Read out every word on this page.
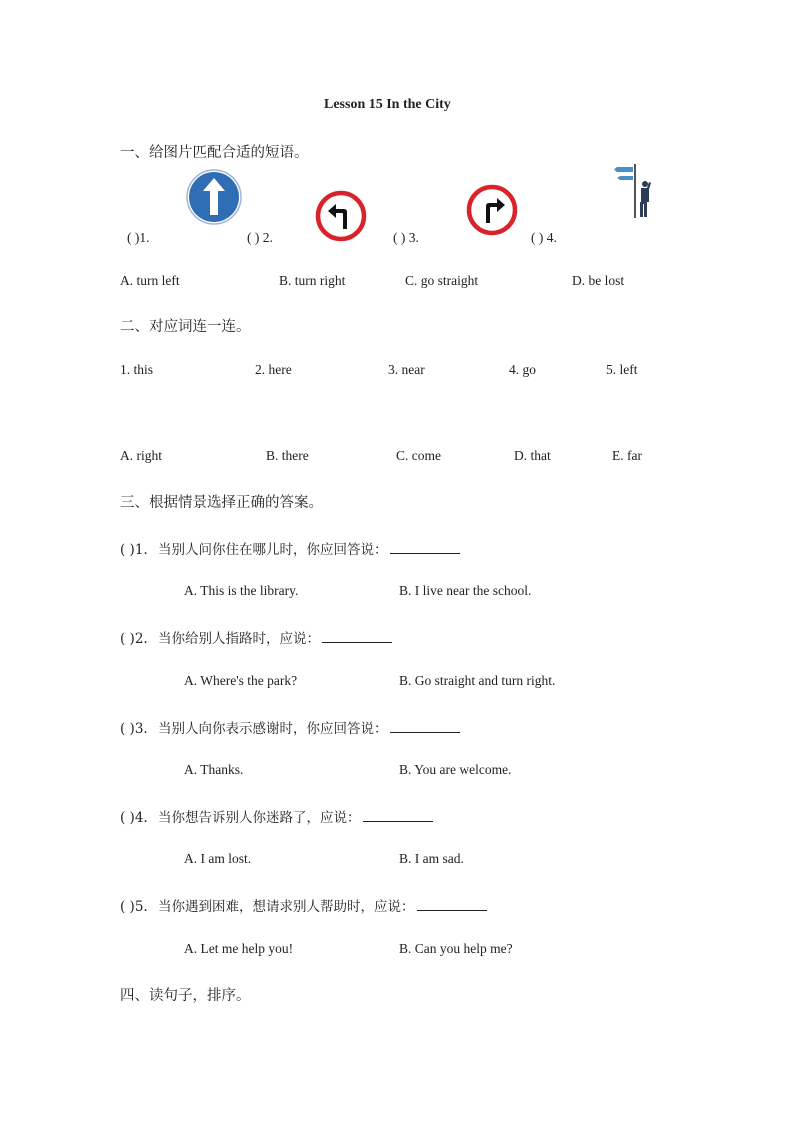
Lesson 15 In the City
一、给图片匹配合适的短语。
( )1.	( ) 2.	( ) 3.	( ) 4.
A. turn left	B. turn right	C. go straight	D. be lost
二、对应词连一连。
1. this	2. here	3. near	4. go	5. left
A. right	B. there	C. come	D. that	E. far
三、根据情景选择正确的答案。
( )1. 当别人问你住在哪儿时，你应回答说：
A. This is the library.	B. I live near the school.
( )2. 当你给别人指路时，应说：
A. Where's the park?	B. Go straight and turn right.
( )3. 当别人向你表示感谢时，你应回答说：
A. Thanks.	B. You are welcome.
( )4. 当你想告诉别人你迷路了，应说：
A. I am lost.	B. I am sad.
( )5. 当你遇到困难，想请求别人帮助时，应说：
A. Let me help you!	B. Can you help me?
四、读句子，排序。
